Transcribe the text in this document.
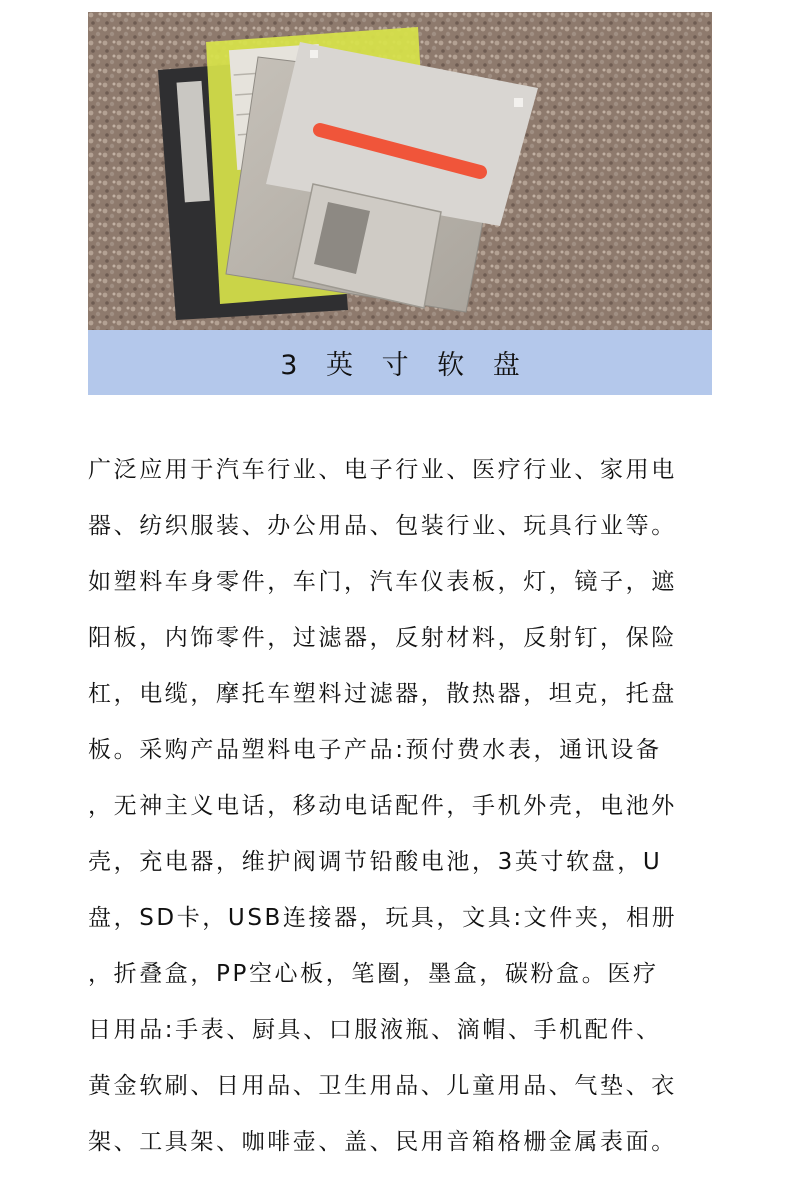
3 英 寸 软 盘
广泛应用于汽车行业、电子行业、医疗行业、家用电
器、纺织服装、办公用品、包装行业、玩具行业等。
如塑料车身零件，车门，汽车仪表板，灯，镜子，遮
阳板，内饰零件，过滤器，反射材料，反射钉，保险
杠，电缆，摩托车塑料过滤器，散热器，坦克，托盘
板。采购产品塑料电子产品:预付费水表，通讯设备
，无神主义电话，移动电话配件，手机外壳，电池外
壳，充电器，维护阀调节铅酸电池，3英寸软盘，U
盘，SD卡，USB连接器，玩具，文具:文件夹，相册
，折叠盒，PP空心板，笔圈，墨盒，碳粉盒。医疗
日用品:手表、厨具、口服液瓶、滴帽、手机配件、
黄金软刷、日用品、卫生用品、儿童用品、气垫、衣
架、工具架、咖啡壶、盖、民用音箱格栅金属表面。
